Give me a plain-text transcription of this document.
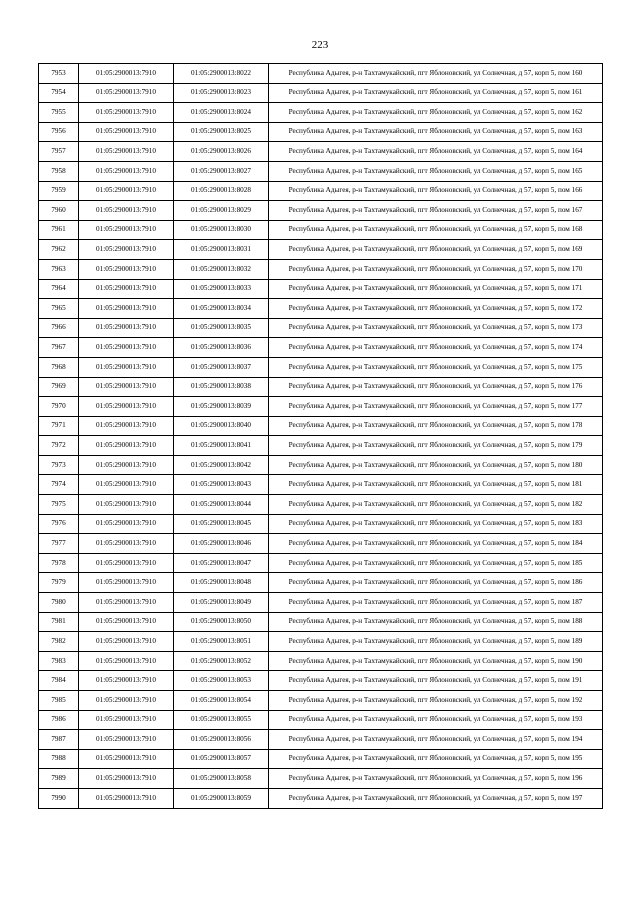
223
7953	01:05:2900013:7910	01:05:2900013:8022	Республика Адыгея, р-н Тахтамукайский, пгт Яблоновский, ул Солнечная, д 57, корп 5, пом 160
7954	01:05:2900013:7910	01:05:2900013:8023	Республика Адыгея, р-н Тахтамукайский, пгт Яблоновский, ул Солнечная, д 57, корп 5, пом 161
7955	01:05:2900013:7910	01:05:2900013:8024	Республика Адыгея, р-н Тахтамукайский, пгт Яблоновский, ул Солнечная, д 57, корп 5, пом 162
7956	01:05:2900013:7910	01:05:2900013:8025	Республика Адыгея, р-н Тахтамукайский, пгт Яблоновский, ул Солнечная, д 57, корп 5, пом 163
7957	01:05:2900013:7910	01:05:2900013:8026	Республика Адыгея, р-н Тахтамукайский, пгт Яблоновский, ул Солнечная, д 57, корп 5, пом 164
7958	01:05:2900013:7910	01:05:2900013:8027	Республика Адыгея, р-н Тахтамукайский, пгт Яблоновский, ул Солнечная, д 57, корп 5, пом 165
7959	01:05:2900013:7910	01:05:2900013:8028	Республика Адыгея, р-н Тахтамукайский, пгт Яблоновский, ул Солнечная, д 57, корп 5, пом 166
7960	01:05:2900013:7910	01:05:2900013:8029	Республика Адыгея, р-н Тахтамукайский, пгт Яблоновский, ул Солнечная, д 57, корп 5, пом 167
7961	01:05:2900013:7910	01:05:2900013:8030	Республика Адыгея, р-н Тахтамукайский, пгт Яблоновский, ул Солнечная, д 57, корп 5, пом 168
7962	01:05:2900013:7910	01:05:2900013:8031	Республика Адыгея, р-н Тахтамукайский, пгт Яблоновский, ул Солнечная, д 57, корп 5, пом 169
7963	01:05:2900013:7910	01:05:2900013:8032	Республика Адыгея, р-н Тахтамукайский, пгт Яблоновский, ул Солнечная, д 57, корп 5, пом 170
7964	01:05:2900013:7910	01:05:2900013:8033	Республика Адыгея, р-н Тахтамукайский, пгт Яблоновский, ул Солнечная, д 57, корп 5, пом 171
7965	01:05:2900013:7910	01:05:2900013:8034	Республика Адыгея, р-н Тахтамукайский, пгт Яблоновский, ул Солнечная, д 57, корп 5, пом 172
7966	01:05:2900013:7910	01:05:2900013:8035	Республика Адыгея, р-н Тахтамукайский, пгт Яблоновский, ул Солнечная, д 57, корп 5, пом 173
7967	01:05:2900013:7910	01:05:2900013:8036	Республика Адыгея, р-н Тахтамукайский, пгт Яблоновский, ул Солнечная, д 57, корп 5, пом 174
7968	01:05:2900013:7910	01:05:2900013:8037	Республика Адыгея, р-н Тахтамукайский, пгт Яблоновский, ул Солнечная, д 57, корп 5, пом 175
7969	01:05:2900013:7910	01:05:2900013:8038	Республика Адыгея, р-н Тахтамукайский, пгт Яблоновский, ул Солнечная, д 57, корп 5, пом 176
7970	01:05:2900013:7910	01:05:2900013:8039	Республика Адыгея, р-н Тахтамукайский, пгт Яблоновский, ул Солнечная, д 57, корп 5, пом 177
7971	01:05:2900013:7910	01:05:2900013:8040	Республика Адыгея, р-н Тахтамукайский, пгт Яблоновский, ул Солнечная, д 57, корп 5, пом 178
7972	01:05:2900013:7910	01:05:2900013:8041	Республика Адыгея, р-н Тахтамукайский, пгт Яблоновский, ул Солнечная, д 57, корп 5, пом 179
7973	01:05:2900013:7910	01:05:2900013:8042	Республика Адыгея, р-н Тахтамукайский, пгт Яблоновский, ул Солнечная, д 57, корп 5, пом 180
7974	01:05:2900013:7910	01:05:2900013:8043	Республика Адыгея, р-н Тахтамукайский, пгт Яблоновский, ул Солнечная, д 57, корп 5, пом 181
7975	01:05:2900013:7910	01:05:2900013:8044	Республика Адыгея, р-н Тахтамукайский, пгт Яблоновский, ул Солнечная, д 57, корп 5, пом 182
7976	01:05:2900013:7910	01:05:2900013:8045	Республика Адыгея, р-н Тахтамукайский, пгт Яблоновский, ул Солнечная, д 57, корп 5, пом 183
7977	01:05:2900013:7910	01:05:2900013:8046	Республика Адыгея, р-н Тахтамукайский, пгт Яблоновский, ул Солнечная, д 57, корп 5, пом 184
7978	01:05:2900013:7910	01:05:2900013:8047	Республика Адыгея, р-н Тахтамукайский, пгт Яблоновский, ул Солнечная, д 57, корп 5, пом 185
7979	01:05:2900013:7910	01:05:2900013:8048	Республика Адыгея, р-н Тахтамукайский, пгт Яблоновский, ул Солнечная, д 57, корп 5, пом 186
7980	01:05:2900013:7910	01:05:2900013:8049	Республика Адыгея, р-н Тахтамукайский, пгт Яблоновский, ул Солнечная, д 57, корп 5, пом 187
7981	01:05:2900013:7910	01:05:2900013:8050	Республика Адыгея, р-н Тахтамукайский, пгт Яблоновский, ул Солнечная, д 57, корп 5, пом 188
7982	01:05:2900013:7910	01:05:2900013:8051	Республика Адыгея, р-н Тахтамукайский, пгт Яблоновский, ул Солнечная, д 57, корп 5, пом 189
7983	01:05:2900013:7910	01:05:2900013:8052	Республика Адыгея, р-н Тахтамукайский, пгт Яблоновский, ул Солнечная, д 57, корп 5, пом 190
7984	01:05:2900013:7910	01:05:2900013:8053	Республика Адыгея, р-н Тахтамукайский, пгт Яблоновский, ул Солнечная, д 57, корп 5, пом 191
7985	01:05:2900013:7910	01:05:2900013:8054	Республика Адыгея, р-н Тахтамукайский, пгт Яблоновский, ул Солнечная, д 57, корп 5, пом 192
7986	01:05:2900013:7910	01:05:2900013:8055	Республика Адыгея, р-н Тахтамукайский, пгт Яблоновский, ул Солнечная, д 57, корп 5, пом 193
7987	01:05:2900013:7910	01:05:2900013:8056	Республика Адыгея, р-н Тахтамукайский, пгт Яблоновский, ул Солнечная, д 57, корп 5, пом 194
7988	01:05:2900013:7910	01:05:2900013:8057	Республика Адыгея, р-н Тахтамукайский, пгт Яблоновский, ул Солнечная, д 57, корп 5, пом 195
7989	01:05:2900013:7910	01:05:2900013:8058	Республика Адыгея, р-н Тахтамукайский, пгт Яблоновский, ул Солнечная, д 57, корп 5, пом 196
7990	01:05:2900013:7910	01:05:2900013:8059	Республика Адыгея, р-н Тахтамукайский, пгт Яблоновский, ул Солнечная, д 57, корп 5, пом 197
